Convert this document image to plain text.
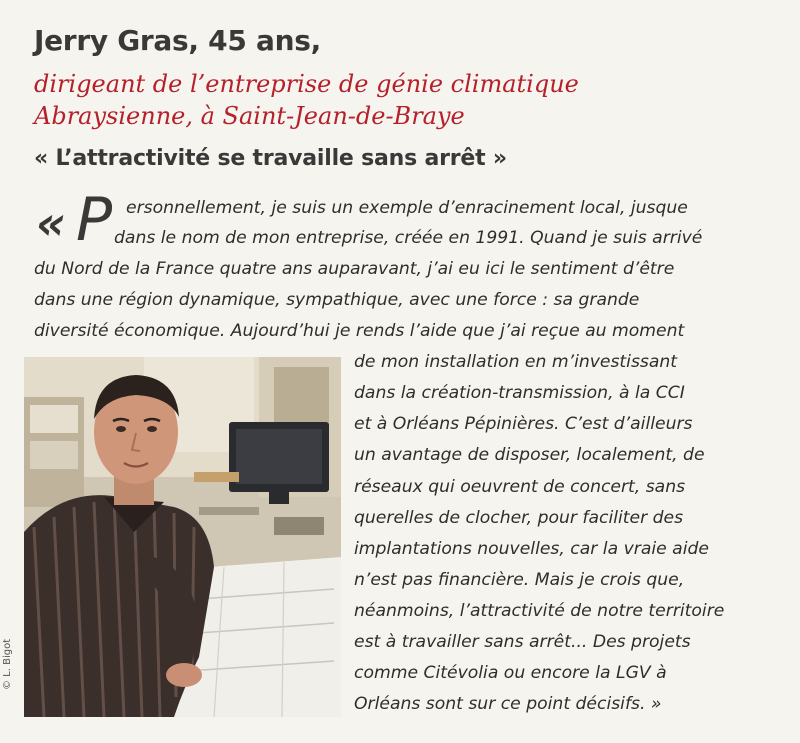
Jerry Gras, 45 ans,
dirigeant de l’entreprise de génie climatique
Abraysienne, à Saint-Jean-de-Braye
« L’attractivité se travaille sans arrêt »
« P ersonnellement, je suis un exemple d’enracinement local, jusque
dans le nom de mon entreprise, créée en 1991. Quand je suis arrivé
du Nord de la France quatre ans auparavant, j’ai eu ici le sentiment d’être
dans une région dynamique, sympathique, avec une force : sa grande
diversité économique. Aujourd’hui je rends l’aide que j’ai reçue au moment
de mon installation en m’investissant
dans la création-transmission, à la CCI
et à Orléans Pépinières. C’est d’ailleurs
un avantage de disposer, localement, de
réseaux qui oeuvrent de concert, sans
querelles de clocher, pour faciliter des
implantations nouvelles, car la vraie aide
n’est pas financière. Mais je crois que,
néanmoins, l’attractivité de notre territoire
est à travailler sans arrêt... Des projets
comme Citévolia ou encore la LGV à
Orléans sont sur ce point décisifs. »
© L. Bigot
